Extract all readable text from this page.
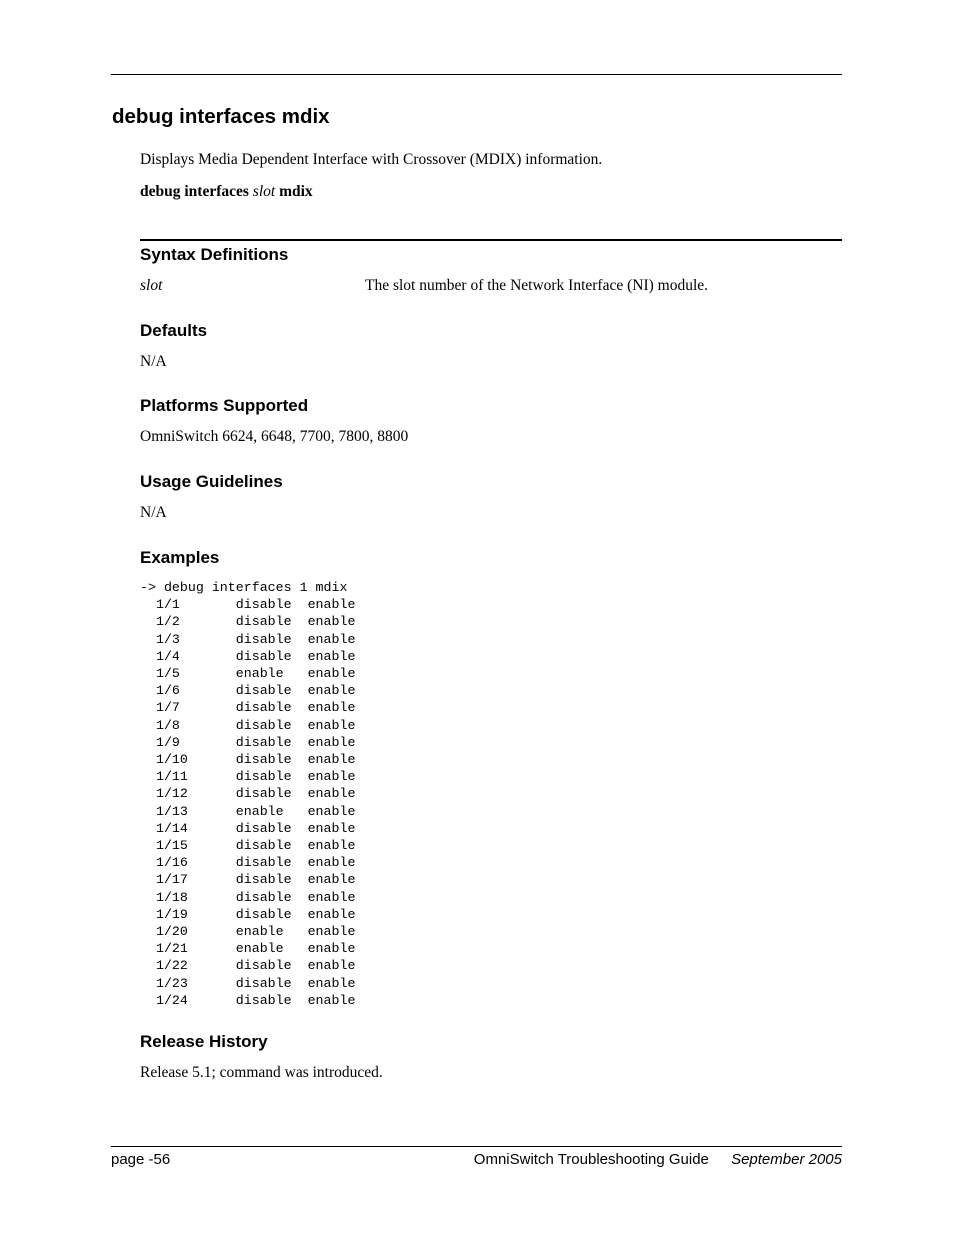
debug interfaces mdix
Displays Media Dependent Interface with Crossover (MDIX) information.
debug interfaces slot mdix
Syntax Definitions
slot	The slot number of the Network Interface (NI) module.
Defaults
N/A
Platforms Supported
OmniSwitch 6624, 6648, 7700, 7800, 8800
Usage Guidelines
N/A
Examples
-> debug interfaces 1 mdix
1/1       disable  enable
1/2       disable  enable
1/3       disable  enable
1/4       disable  enable
1/5       enable   enable
1/6       disable  enable
1/7       disable  enable
1/8       disable  enable
1/9       disable  enable
1/10      disable  enable
1/11      disable  enable
1/12      disable  enable
1/13      enable   enable
1/14      disable  enable
1/15      disable  enable
1/16      disable  enable
1/17      disable  enable
1/18      disable  enable
1/19      disable  enable
1/20      enable   enable
1/21      enable   enable
1/22      disable  enable
1/23      disable  enable
1/24      disable  enable
Release History
Release 5.1; command was introduced.
page -56	OmniSwitch Troubleshooting Guide September 2005
